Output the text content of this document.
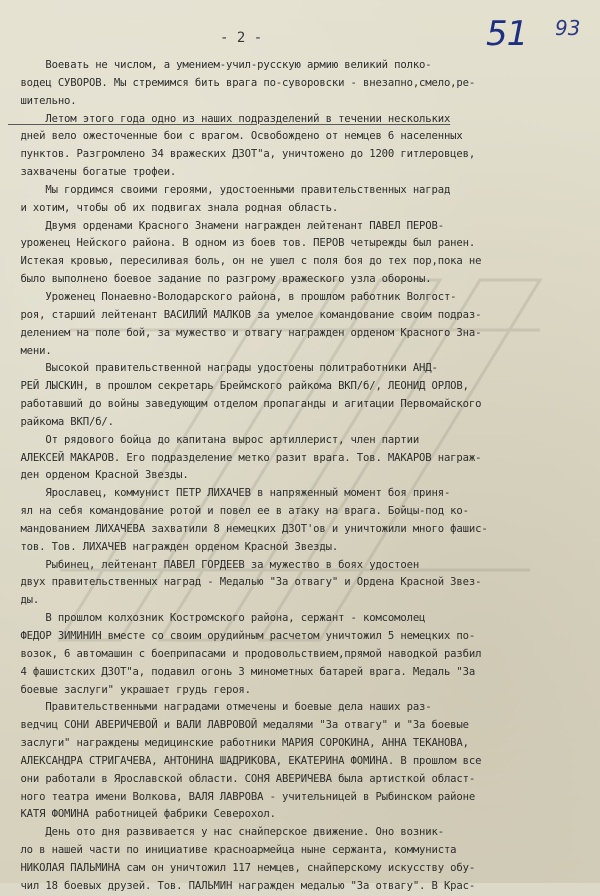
- 2 -	51 93
Воевать не числом, а умением-учил-русскую армию великий полко-
водец СУВОРОВ. Мы стремимся бить врага по-суворовски - внезапно,смело,ре-
шительно.
Летом этого года одно из наших подразделений в течении нескольких
дней вело ожесточенные бои с врагом. Освобождено от немцев 6 населенных
пунктов. Разгромлено 34 вражеских ДЗОТ"а, уничтожено до 1200 гитлеровцев,
захвачены богатые трофеи.
Мы гордимся своими героями, удостоенными правительственных наград
и хотим, чтобы об их подвигах знала родная область.
Двумя орденами Красного Знамени награжден лейтенант ПАВЕЛ ПЕРОВ-
уроженец Нейского района. В одном из боев тов. ПЕРОВ четырежды был ранен.
Истекая кровью, пересиливая боль, он не ушел с поля боя до тех пор,пока не
было выполнено боевое задание по разгрому вражеского узла обороны.
Уроженец Понаевно-Володарского района, в прошлом работник Волгост-
роя, старший лейтенант ВАСИЛИЙ МАЛКОВ за умелое командование своим подраз-
делением на поле бой, за мужество и отвагу награжден орденом Красного Зна-
мени.
Высокой правительственной награды удостоены политработники АНД-
РЕЙ ЛЫСКИН, в прошлом секретарь Бреймского райкома ВКП/б/, ЛЕОНИД ОРЛОВ,
работавший до войны заведующим отделом пропаганды и агитации Первомайского
райкома ВКП/б/.
От рядового бойца до капитана вырос артиллерист, член партии
АЛЕКСЕЙ МАКАРОВ. Его подразделение метко разит врага. Тов. МАКАРОВ награж-
ден орденом Красной Звезды.
Ярославец, коммунист ПЕТР ЛИХАЧЕВ в напряженный момент боя приня-
ял на себя командование ротой и повел ее в атаку на врага. Бойцы-под ко-
мандованием ЛИХАЧЕВА захватили 8 немецких ДЗОТ'ов и уничтожили много фашис-
тов. Тов. ЛИХАЧЕВ награжден орденом Красной Звезды.
Рыбинец, лейтенант ПАВЕЛ ГОРДЕЕВ за мужество в боях удостоен
двух правительственных наград - Медалью "За отвагу" и Ордена Красной Звез-
ды.
В прошлом колхозник Костромского района, сержант - комсомолец
ФЕДОР ЗИМИНИН вместе со своим орудийным расчетом уничтожил 5 немецких по-
возок, 6 автомашин с боеприпасами и продовольствием,прямой наводкой разбил
4 фашистских ДЗОТ"а, подавил огонь 3 минометных батарей врага. Медаль "За
боевые заслуги" украшает грудь героя.
Правительственными наградами отмечены и боевые дела наших раз-
ведчиц СОНИ АВЕРИЧЕВОЙ и ВАЛИ ЛАВРОВОЙ медалями "За отвагу" и "За боевые
заслуги" награждены медицинские работники МАРИЯ СОРОКИНА, АННА ТЕКАНОВА,
АЛЕКСАНДРА СТРИГАЧЕВА, АНТОНИНА ШАДРИКОВА, ЕКАТЕРИНА ФОМИНА. В прошлом все
они работали в Ярославской области. СОНЯ АВЕРИЧЕВА была артисткой област-
ного театра имени Волкова, ВАЛЯ ЛАВРОВА - учительницей в Рыбинском районе
КАТЯ ФОМИНА работницей фабрики Северохол.
День ото дня развивается у нас снайперское движение. Оно возник-
ло в нашей части по инициативе красноармейца ныне сержанта, коммуниста
НИКОЛАЯ ПАЛЬМИНА сам он уничтожил 117 немцев, снайперскому искусству обу-
чил 18 боевых друзей. Тов. ПАЛЬМИН награжден медалью "За отвагу". В Крас-
